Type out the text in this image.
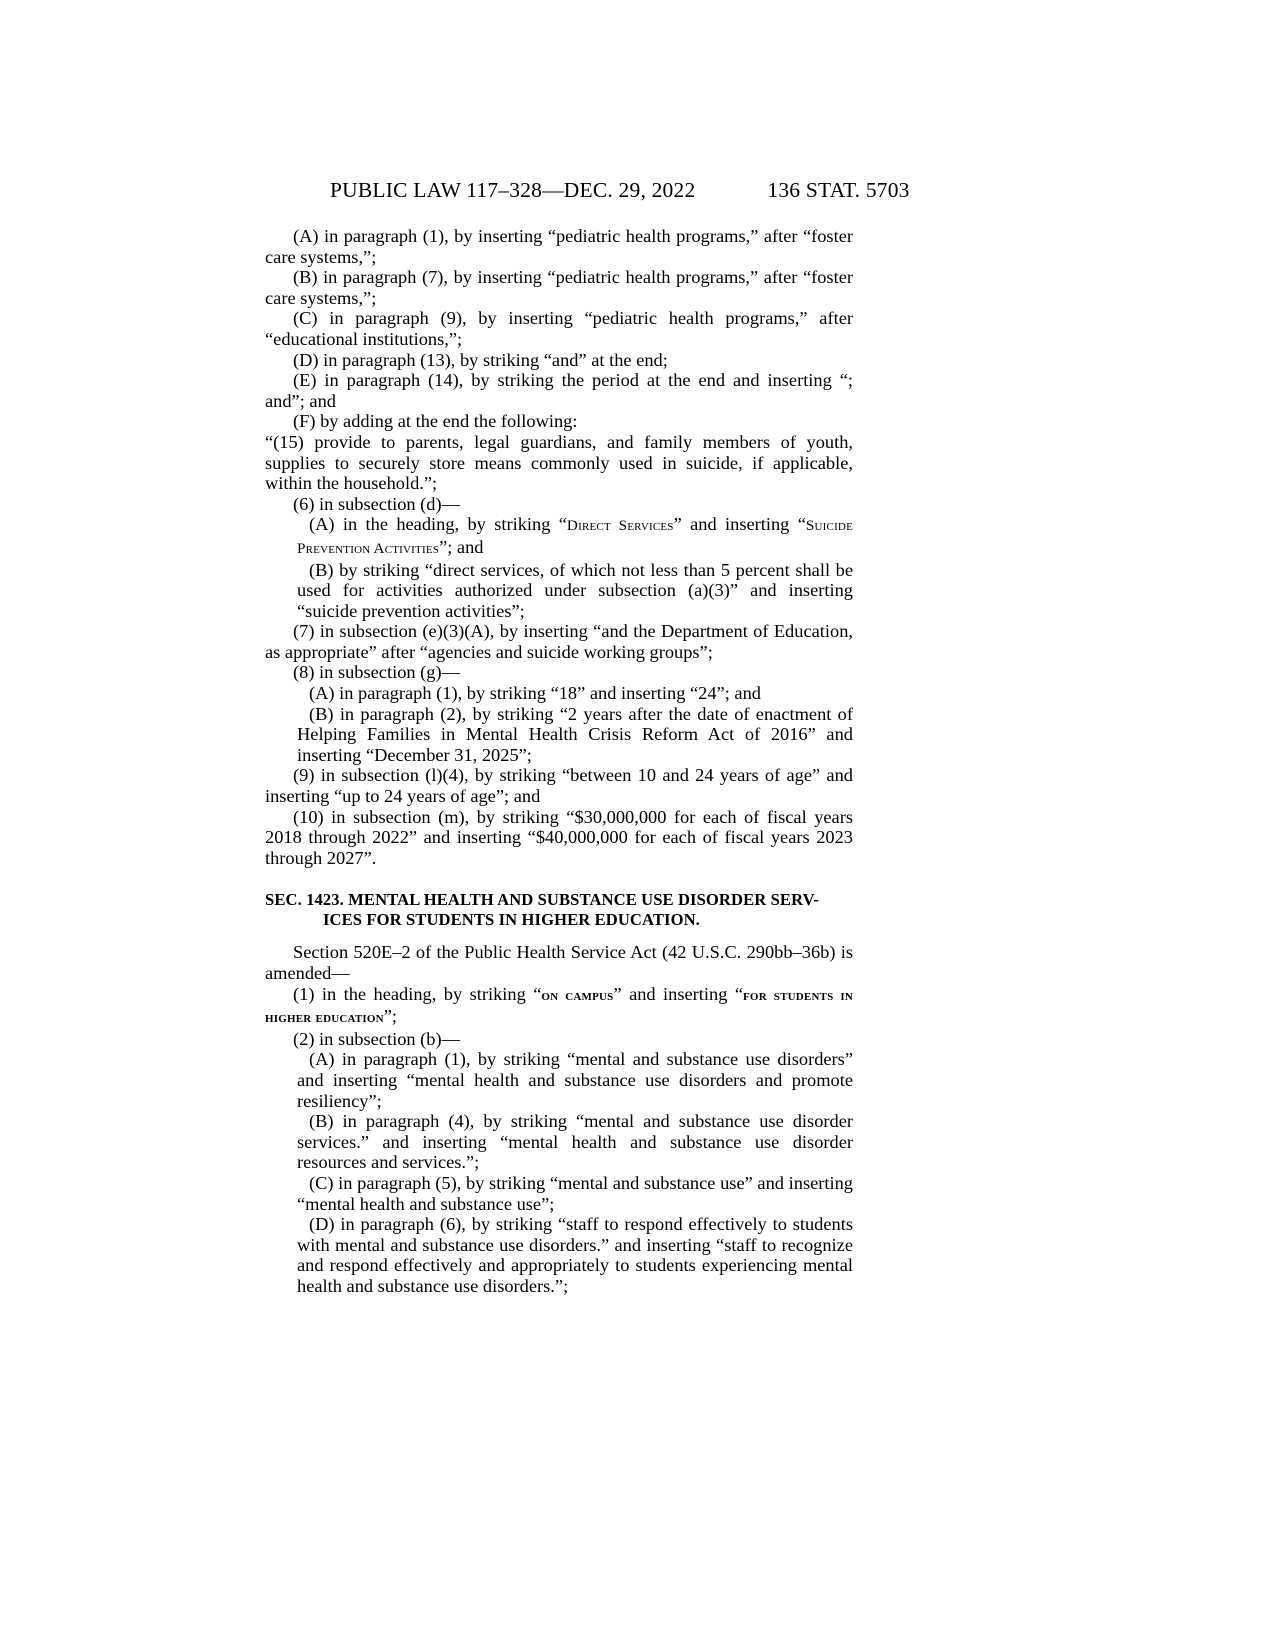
PUBLIC LAW 117–328—DEC. 29, 2022	136 STAT. 5703

(A) in paragraph (1), by inserting “pediatric health programs,” after “foster care systems,”;

(B) in paragraph (7), by inserting “pediatric health programs,” after “foster care systems,”;

(C) in paragraph (9), by inserting “pediatric health programs,” after “educational institutions,”;

(D) in paragraph (13), by striking “and” at the end;

(E) in paragraph (14), by striking the period at the end and inserting “; and”; and

(F) by adding at the end the following:

“(15) provide to parents, legal guardians, and family members of youth, supplies to securely store means commonly used in suicide, if applicable, within the household.”;

(6) in subsection (d)—

(A) in the heading, by striking “Direct Services” and inserting “Suicide Prevention Activities”; and

(B) by striking “direct services, of which not less than 5 percent shall be used for activities authorized under subsection (a)(3)” and inserting “suicide prevention activities”;

(7) in subsection (e)(3)(A), by inserting “and the Department of Education, as appropriate” after “agencies and suicide working groups”;

(8) in subsection (g)—

(A) in paragraph (1), by striking “18” and inserting “24”; and

(B) in paragraph (2), by striking “2 years after the date of enactment of Helping Families in Mental Health Crisis Reform Act of 2016” and inserting “December 31, 2025”;

(9) in subsection (l)(4), by striking “between 10 and 24 years of age” and inserting “up to 24 years of age”; and

(10) in subsection (m), by striking “$30,000,000 for each of fiscal years 2018 through 2022” and inserting “$40,000,000 for each of fiscal years 2023 through 2027”.

SEC. 1423. MENTAL HEALTH AND SUBSTANCE USE DISORDER SERV-
ICES FOR STUDENTS IN HIGHER EDUCATION.

Section 520E–2 of the Public Health Service Act (42 U.S.C. 290bb–36b) is amended—

(1) in the heading, by striking “on campus” and inserting “for students in higher education”;

(2) in subsection (b)—

(A) in paragraph (1), by striking “mental and substance use disorders” and inserting “mental health and substance use disorders and promote resiliency”;

(B) in paragraph (4), by striking “mental and substance use disorder services.” and inserting “mental health and substance use disorder resources and services.”;

(C) in paragraph (5), by striking “mental and substance use” and inserting “mental health and substance use”;

(D) in paragraph (6), by striking “staff to respond effectively to students with mental and substance use disorders.” and inserting “staff to recognize and respond effectively and appropriately to students experiencing mental health and substance use disorders.”;
